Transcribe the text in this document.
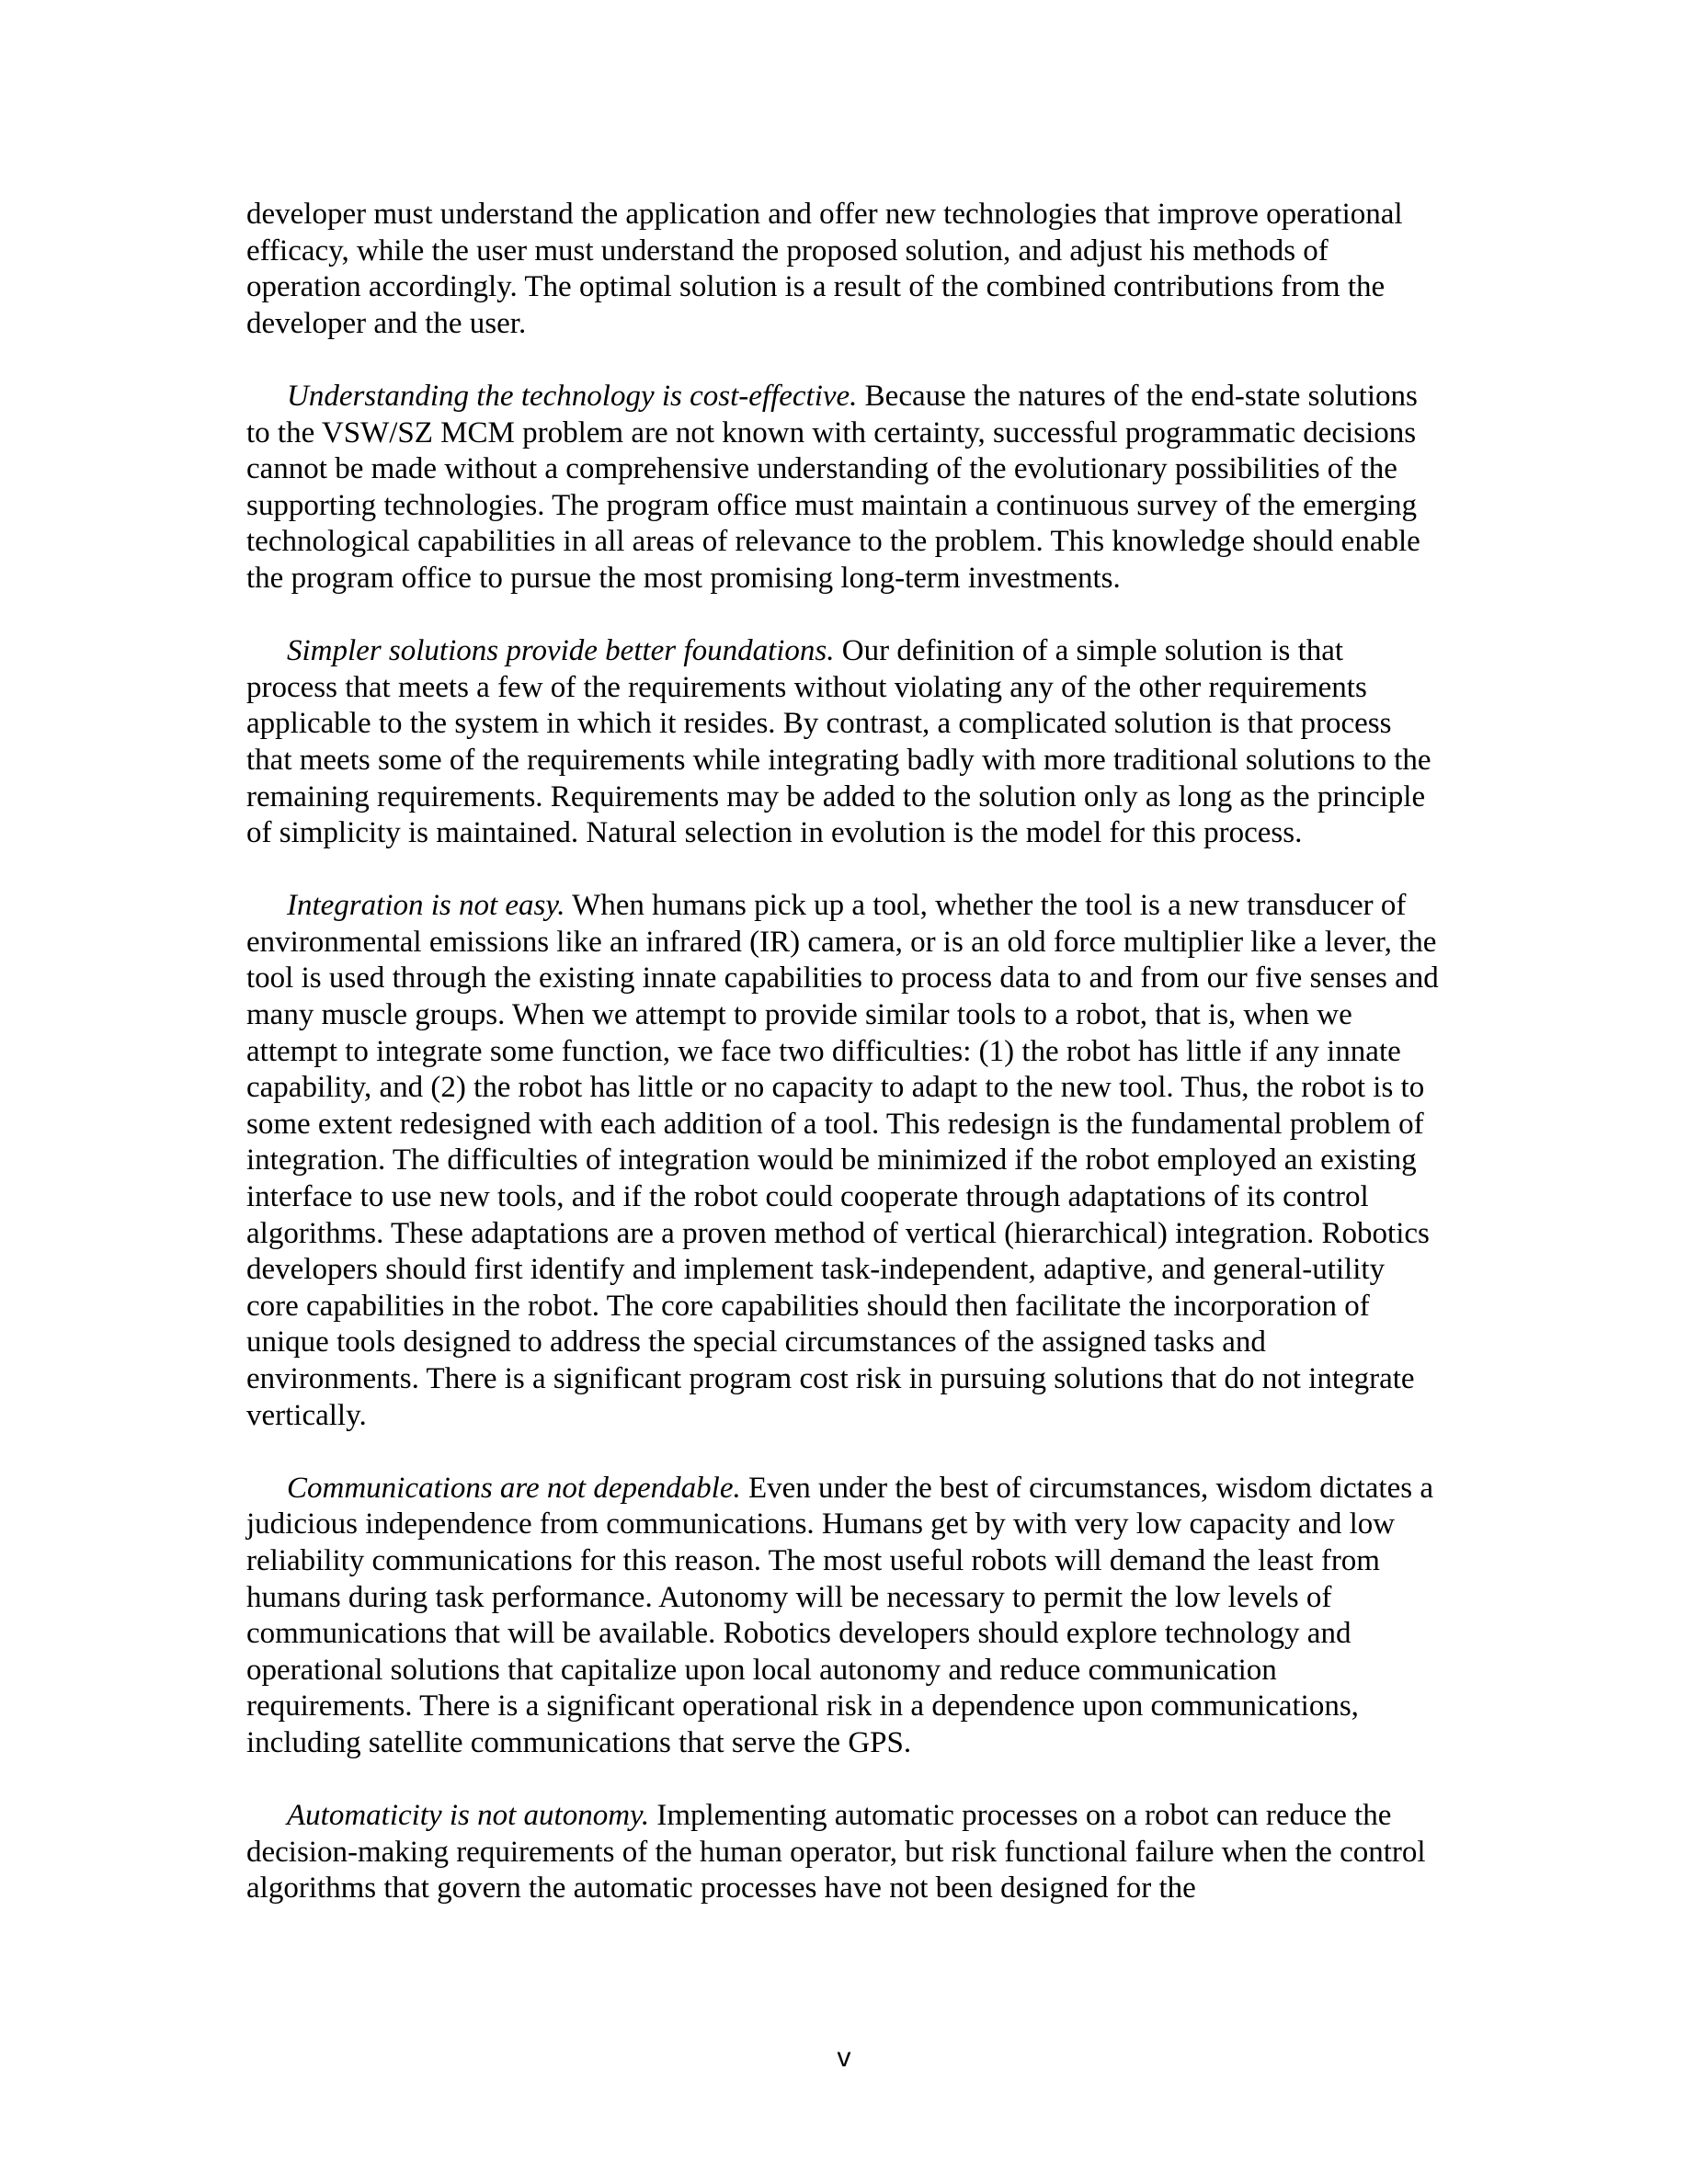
developer must understand the application and offer new technologies that improve operational efficacy, while the user must understand the proposed solution, and adjust his methods of operation accordingly. The optimal solution is a result of the combined contributions from the developer and the user.

Understanding the technology is cost-effective. Because the natures of the end-state solutions to the VSW/SZ MCM problem are not known with certainty, successful programmatic decisions cannot be made without a comprehensive understanding of the evolutionary possibilities of the supporting technologies. The program office must maintain a continuous survey of the emerging technological capabilities in all areas of relevance to the problem. This knowledge should enable the program office to pursue the most promising long-term investments.

Simpler solutions provide better foundations. Our definition of a simple solution is that process that meets a few of the requirements without violating any of the other requirements applicable to the system in which it resides. By contrast, a complicated solution is that process that meets some of the requirements while integrating badly with more traditional solutions to the remaining requirements. Requirements may be added to the solution only as long as the principle of simplicity is maintained. Natural selection in evolution is the model for this process.

Integration is not easy. When humans pick up a tool, whether the tool is a new transducer of environmental emissions like an infrared (IR) camera, or is an old force multiplier like a lever, the tool is used through the existing innate capabilities to process data to and from our five senses and many muscle groups. When we attempt to provide similar tools to a robot, that is, when we attempt to integrate some function, we face two difficulties: (1) the robot has little if any innate capability, and (2) the robot has little or no capacity to adapt to the new tool. Thus, the robot is to some extent redesigned with each addition of a tool. This redesign is the fundamental problem of integration. The difficulties of integration would be minimized if the robot employed an existing interface to use new tools, and if the robot could cooperate through adaptations of its control algorithms. These adaptations are a proven method of vertical (hierarchical) integration. Robotics developers should first identify and implement task-independent, adaptive, and general-utility core capabilities in the robot. The core capabilities should then facilitate the incorporation of unique tools designed to address the special circumstances of the assigned tasks and environments. There is a significant program cost risk in pursuing solutions that do not integrate vertically.

Communications are not dependable. Even under the best of circumstances, wisdom dictates a judicious independence from communications. Humans get by with very low capacity and low reliability communications for this reason. The most useful robots will demand the least from humans during task performance. Autonomy will be necessary to permit the low levels of communications that will be available. Robotics developers should explore technology and operational solutions that capitalize upon local autonomy and reduce communication requirements. There is a significant operational risk in a dependence upon communications, including satellite communications that serve the GPS.

Automaticity is not autonomy. Implementing automatic processes on a robot can reduce the decision-making requirements of the human operator, but risk functional failure when the control algorithms that govern the automatic processes have not been designed for the

v
